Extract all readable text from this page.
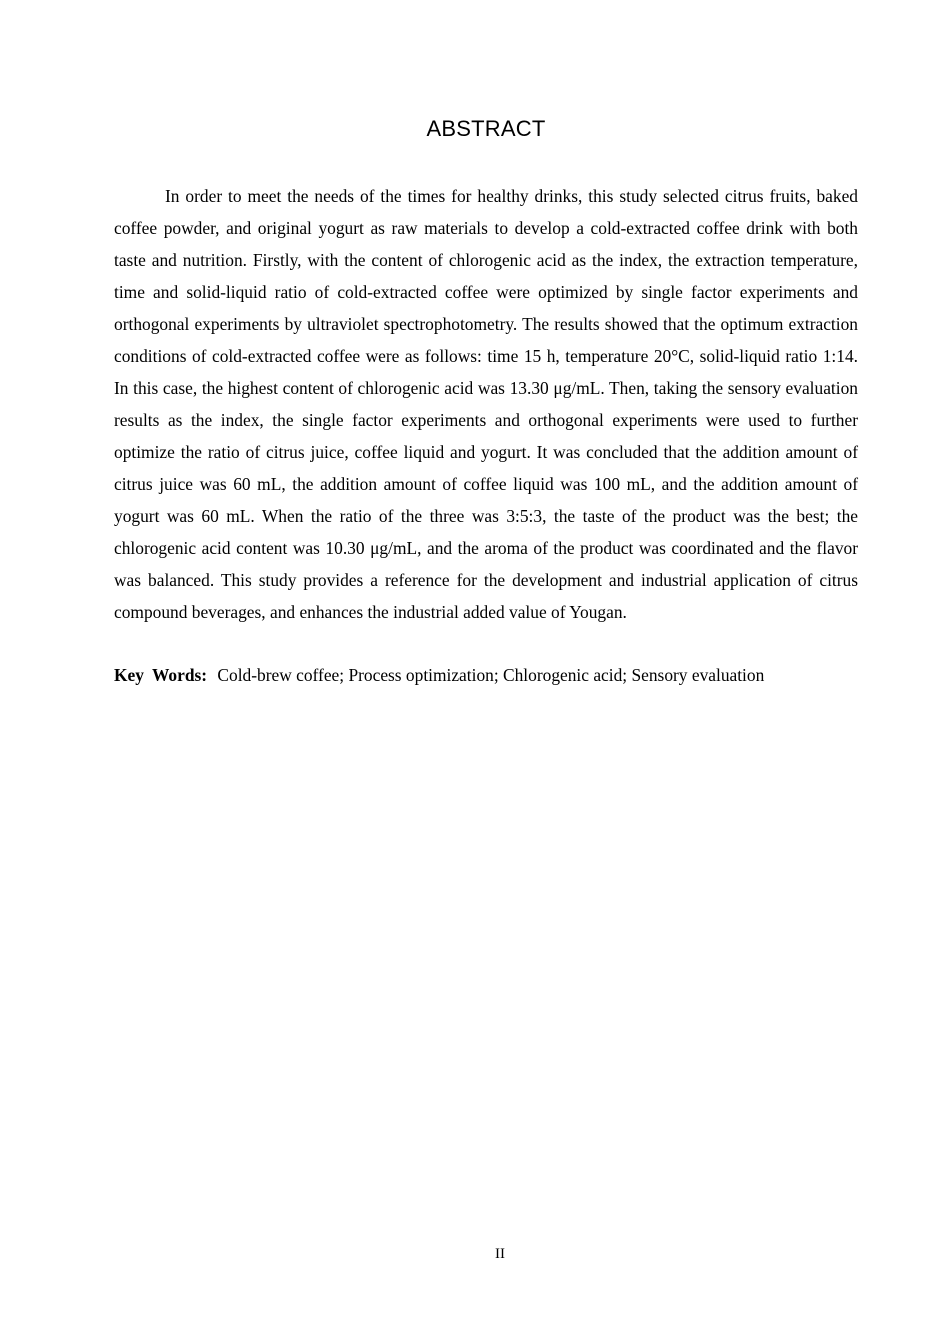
ABSTRACT

In order to meet the needs of the times for healthy drinks, this study selected citrus fruits, baked coffee powder, and original yogurt as raw materials to develop a cold-extracted coffee drink with both taste and nutrition. Firstly, with the content of chlorogenic acid as the index, the extraction temperature, time and solid-liquid ratio of cold-extracted coffee were optimized by single factor experiments and orthogonal experiments by ultraviolet spectrophotometry. The results showed that the optimum extraction conditions of cold-extracted coffee were as follows: time 15 h, temperature 20°C, solid-liquid ratio 1:14. In this case, the highest content of chlorogenic acid was 13.30 μg/mL. Then, taking the sensory evaluation results as the index, the single factor experiments and orthogonal experiments were used to further optimize the ratio of citrus juice, coffee liquid and yogurt. It was concluded that the addition amount of citrus juice was 60 mL, the addition amount of coffee liquid was 100 mL, and the addition amount of yogurt was 60 mL. When the ratio of the three was 3:5:3, the taste of the product was the best; the chlorogenic acid content was 10.30 μg/mL, and the aroma of the product was coordinated and the flavor was balanced. This study provides a reference for the development and industrial application of citrus compound beverages, and enhances the industrial added value of Yougan.

Key Words: Cold-brew coffee; Process optimization; Chlorogenic acid; Sensory evaluation
II
